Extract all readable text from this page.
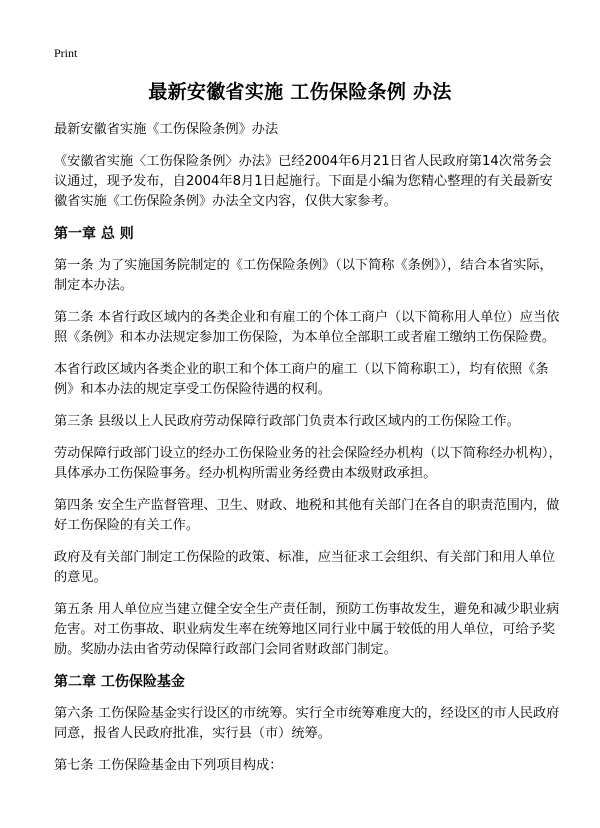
Print
最新安徽省实施 工伤保险条例 办法
最新安徽省实施《工伤保险条例》办法
《安徽省实施〈工伤保险条例〉办法》已经2004年6月21日省人民政府第14次常务会议通过，现予发布，自2004年8月1日起施行。下面是小编为您精心整理的有关最新安徽省实施《工伤保险条例》办法全文内容，仅供大家参考。
第一章 总 则
第一条 为了实施国务院制定的《工伤保险条例》（以下简称《条例》），结合本省实际，制定本办法。
第二条 本省行政区域内的各类企业和有雇工的个体工商户（以下简称用人单位）应当依照《条例》和本办法规定参加工伤保险，为本单位全部职工或者雇工缴纳工伤保险费。
本省行政区域内各类企业的职工和个体工商户的雇工（以下简称职工），均有依照《条例》和本办法的规定享受工伤保险待遇的权利。
第三条 县级以上人民政府劳动保障行政部门负责本行政区域内的工伤保险工作。
劳动保障行政部门设立的经办工伤保险业务的社会保险经办机构（以下简称经办机构），具体承办工伤保险事务。经办机构所需业务经费由本级财政承担。
第四条 安全生产监督管理、卫生、财政、地税和其他有关部门在各自的职责范围内，做好工伤保险的有关工作。
政府及有关部门制定工伤保险的政策、标准，应当征求工会组织、有关部门和用人单位的意见。
第五条 用人单位应当建立健全安全生产责任制，预防工伤事故发生，避免和减少职业病危害。对工伤事故、职业病发生率在统筹地区同行业中属于较低的用人单位，可给予奖励。奖励办法由省劳动保障行政部门会同省财政部门制定。
第二章 工伤保险基金
第六条 工伤保险基金实行设区的市统筹。实行全市统筹难度大的，经设区的市人民政府同意，报省人民政府批准，实行县（市）统筹。
第七条 工伤保险基金由下列项目构成：
